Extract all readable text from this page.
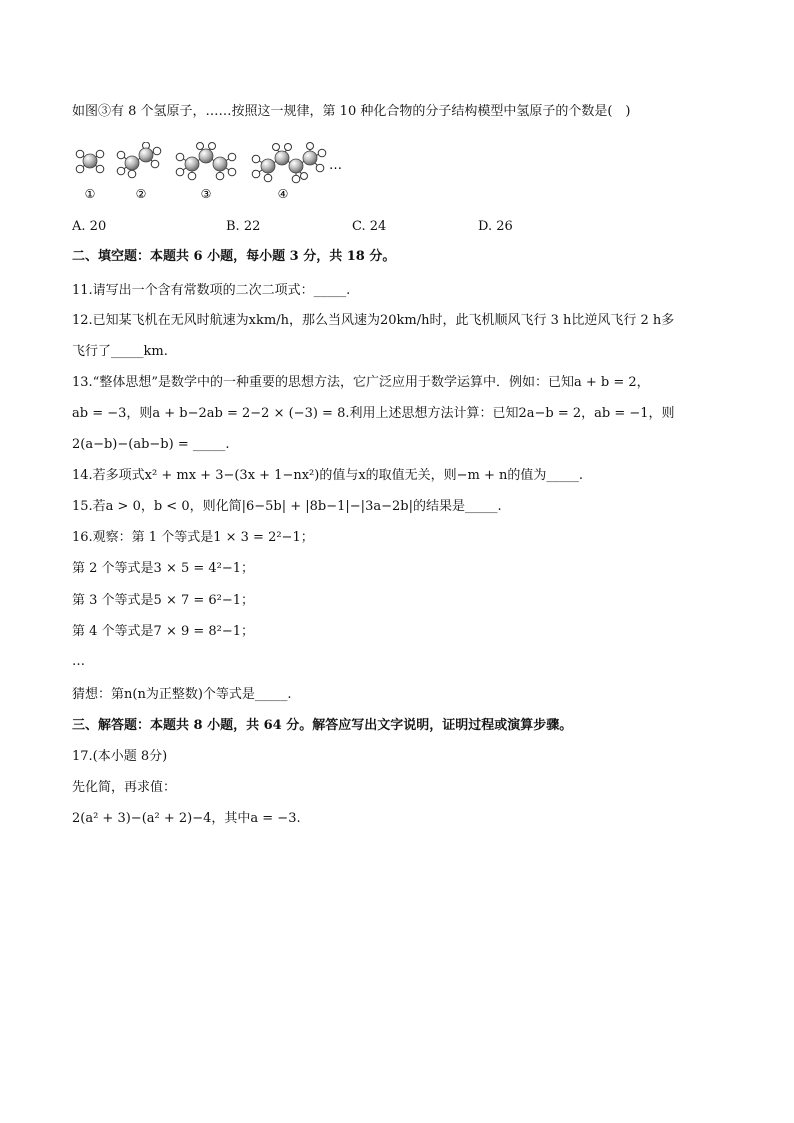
如图③有 8 个氢原子，……按照这一规律，第 10 种化合物的分子结构模型中氢原子的个数是(　)
①	②	③	④
…
A. 20	B. 22	C. 24	D. 26
二、填空题：本题共 6 小题，每小题 3 分，共 18 分。
11.请写出一个含有常数项的二次二项式：_____.
12.已知某飞机在无风时航速为xkm/h，那么当风速为20km/h时，此飞机顺风飞行 3 h比逆风飞行 2 h多
飞行了_____km.
13.“整体思想”是数学中的一种重要的思想方法，它广泛应用于数学运算中．例如：已知a + b = 2，
ab = −3，则a + b−2ab = 2−2 × (−3) = 8.利用上述思想方法计算：已知2a−b = 2，ab = −1，则
2(a−b)−(ab−b) = _____.
14.若多项式x² + mx + 3−(3x + 1−nx²)的值与x的取值无关，则−m + n的值为_____.
15.若a > 0，b < 0，则化简|6−5b| + |8b−1|−|3a−2b|的结果是_____.
16.观察：第 1 个等式是1 × 3 = 2²−1；
第 2 个等式是3 × 5 = 4²−1；
第 3 个等式是5 × 7 = 6²−1；
第 4 个等式是7 × 9 = 8²−1；
…
猜想：第n(n为正整数)个等式是_____.
三、解答题：本题共 8 小题，共 64 分。解答应写出文字说明，证明过程或演算步骤。
17.(本小题 8分)
先化简，再求值：
2(a² + 3)−(a² + 2)−4，其中a = −3.
